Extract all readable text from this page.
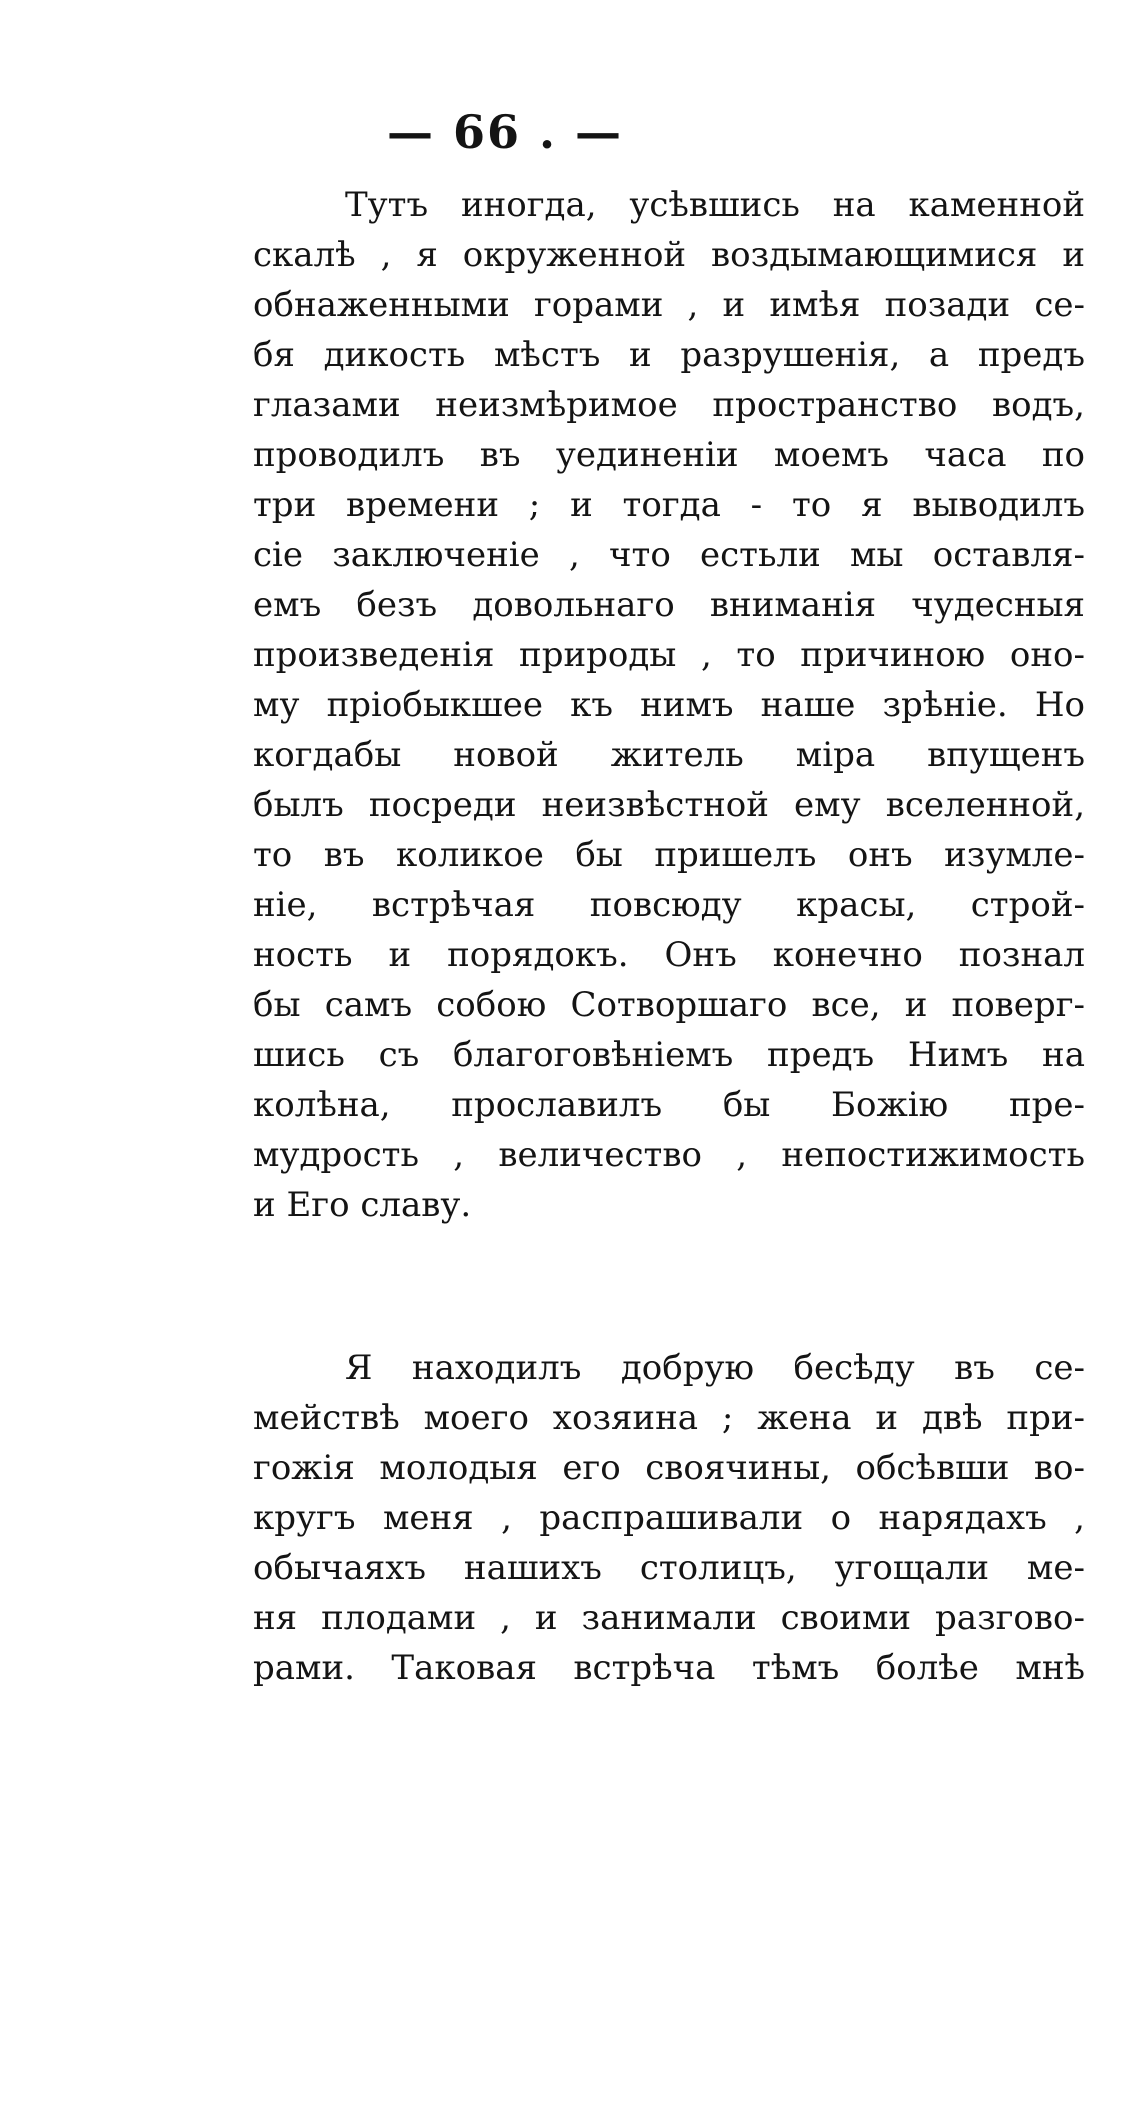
— 66 . —
Тутъ иногда, усѣвшись на каменной
скалѣ , я окруженной воздымающимися и
обнаженными горами , и имѣя позади се-
бя дикость мѣстъ и разрушенія, а предъ
глазами неизмѣримое пространство водъ,
проводилъ въ уединеніи моемъ часа по
три времени ; и тогда - то я выводилъ
сіе заключеніе , что естьли мы оставля-
емъ безъ довольнаго вниманія чудесныя
произведенія природы , то причиною оно-
му пріобыкшее къ нимъ наше зрѣніе. Но
когдабы новой житель міра впущенъ
былъ посреди неизвѣстной ему вселенной,
то въ коликое бы пришелъ онъ изумле-
ніе, встрѣчая повсюду красы, строй-
ность и порядокъ. Онъ конечно познал
бы самъ собою Сотворшаго все, и поверг-
шись съ благоговѣніемъ предъ Нимъ на
колѣна, прославилъ бы Божію пре-
мудрость , величество , непостижимость
и Его славу.
Я находилъ добрую бесѣду въ се-
мействѣ моего хозяина ; жена и двѣ при-
гожія молодыя его своячины, обсѣвши во-
кругъ меня , распрашивали о нарядахъ ,
обычаяхъ нашихъ столицъ, угощали ме-
ня плодами , и занимали своими разгово-
рами. Таковая встрѣча тѣмъ болѣе мнѣ
